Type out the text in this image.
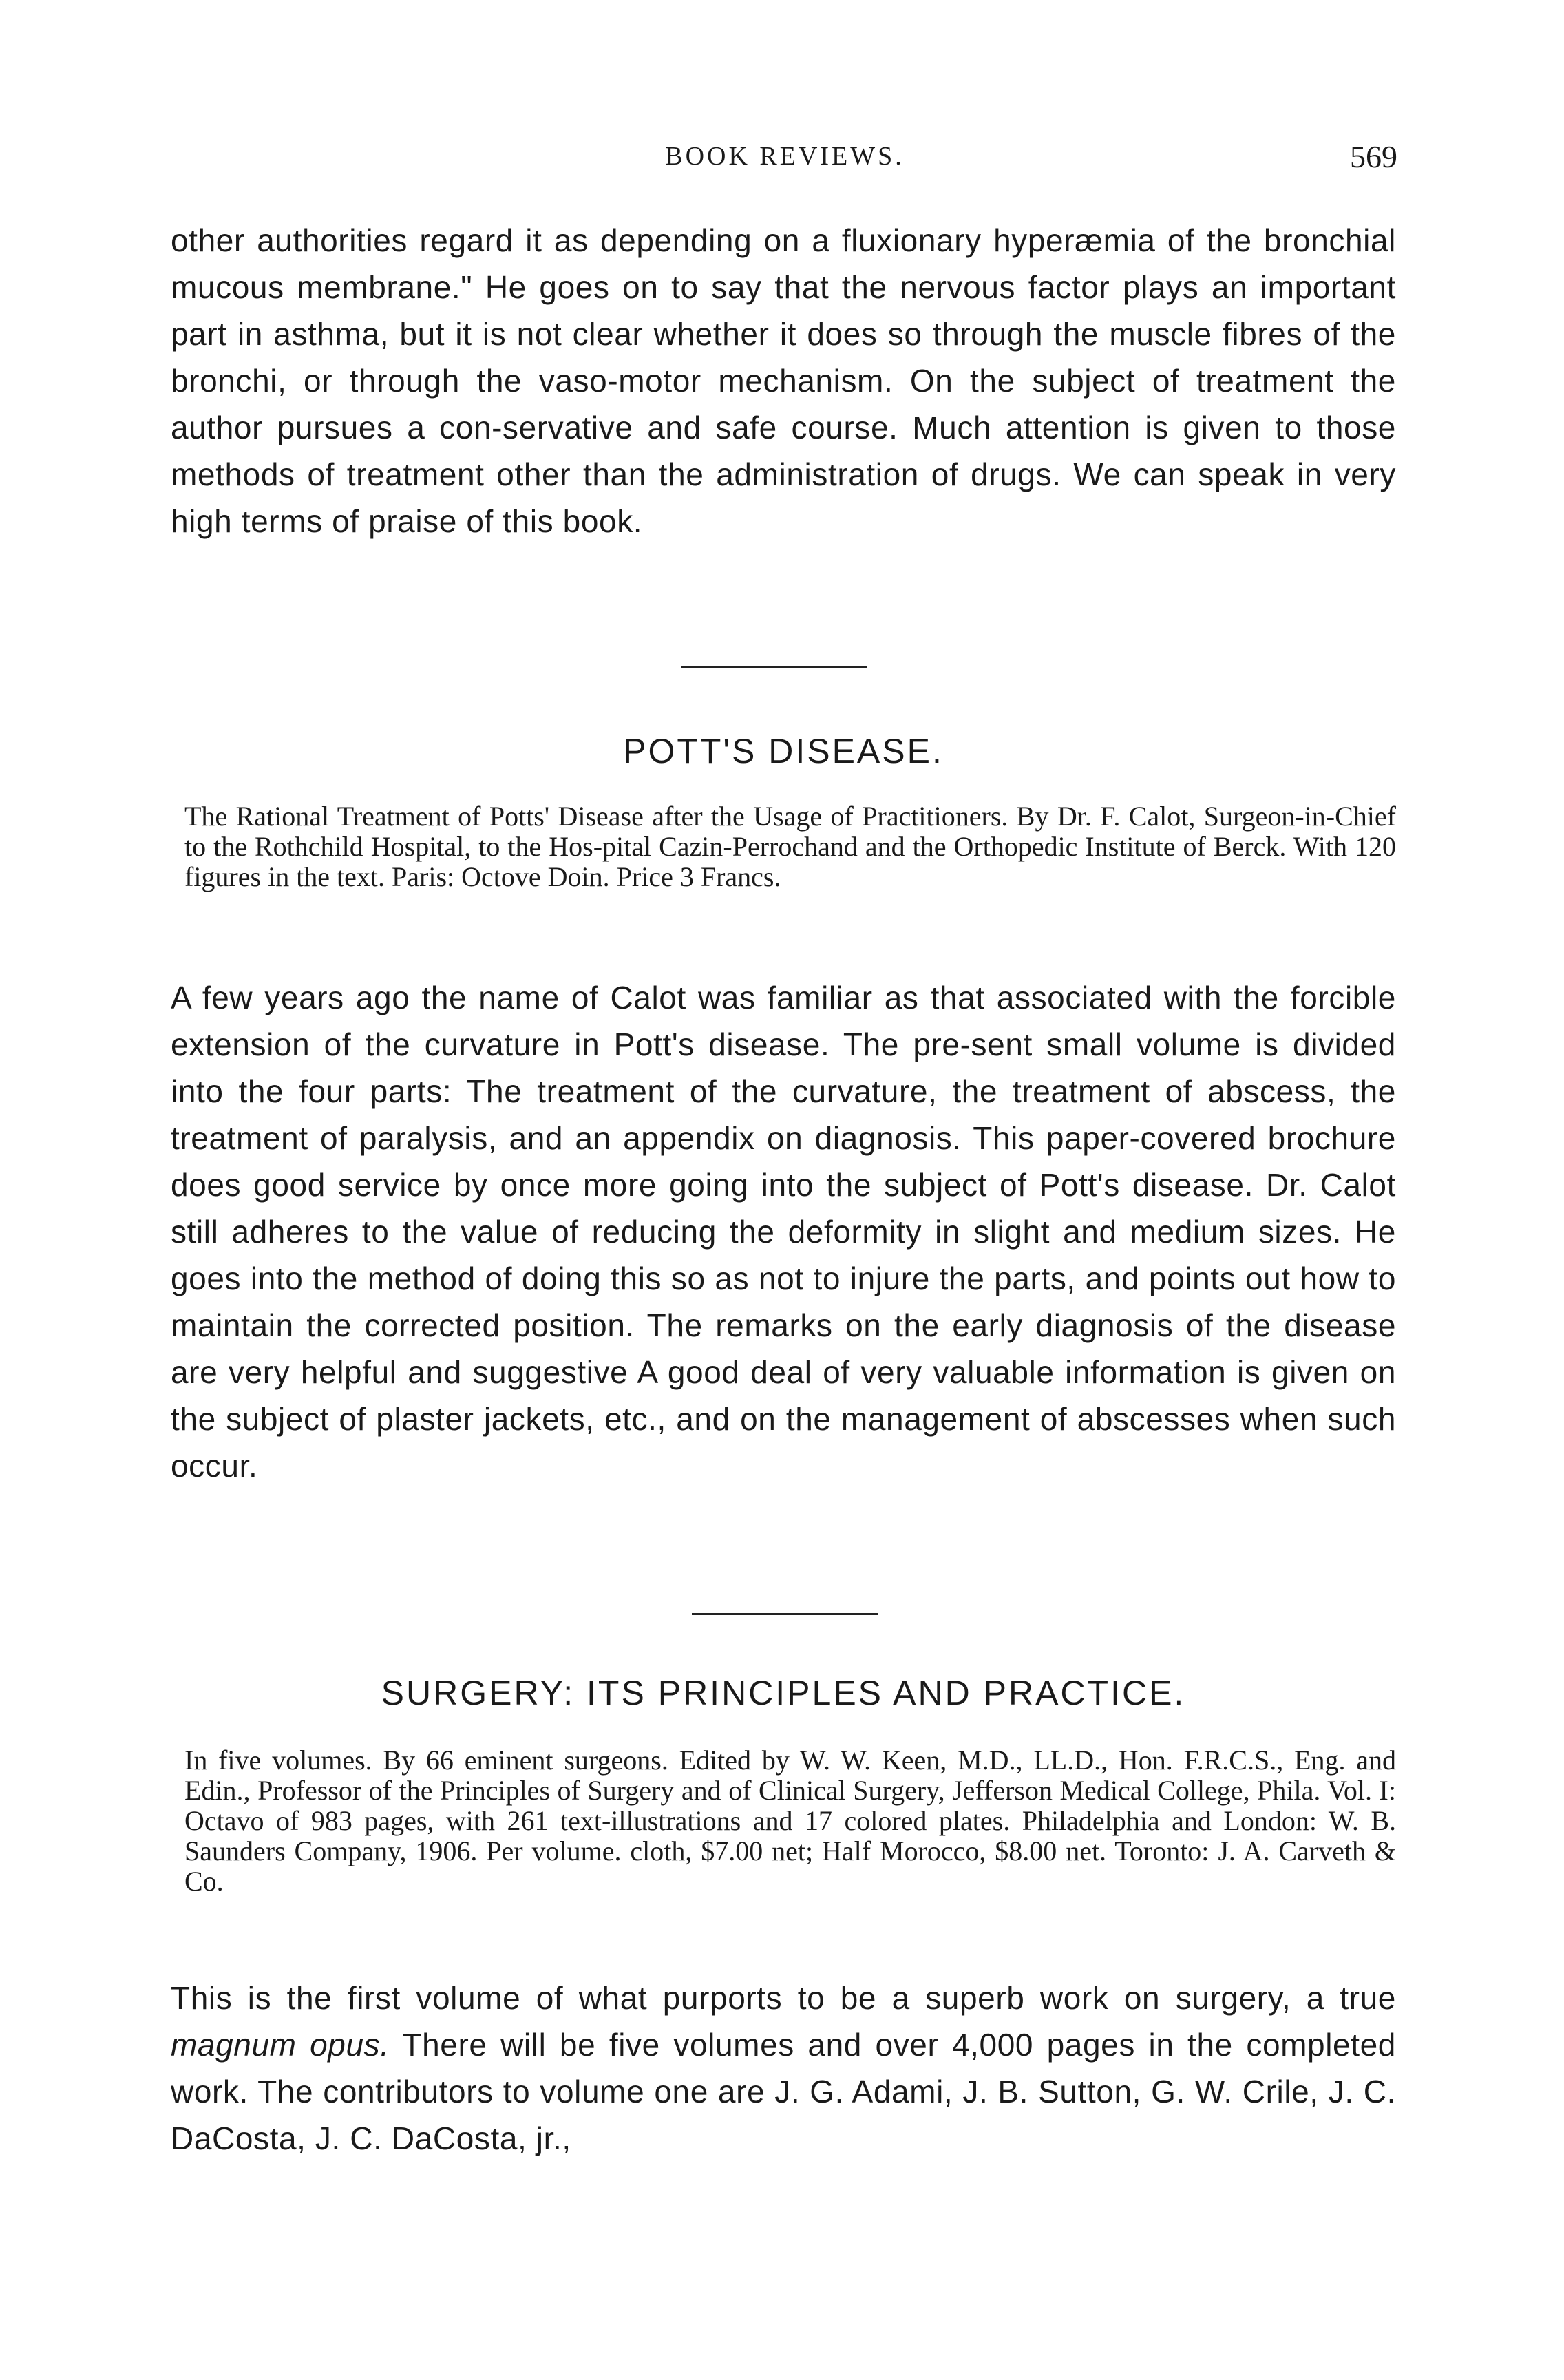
BOOK REVIEWS.	569

other authorities regard it as depending on a fluxionary hyperæmia of the bronchial mucous membrane." He goes on to say that the nervous factor plays an important part in asthma, but it is not clear whether it does so through the muscle fibres of the bronchi, or through the vaso-motor mechanism. On the subject of treatment the author pursues a con-servative and safe course. Much attention is given to those methods of treatment other than the administration of drugs. We can speak in very high terms of praise of this book.

POTT'S DISEASE.

The Rational Treatment of Potts' Disease after the Usage of Practitioners. By Dr. F. Calot, Surgeon-in-Chief to the Rothchild Hospital, to the Hos-pital Cazin-Perrochand and the Orthopedic Institute of Berck. With 120 figures in the text. Paris: Octove Doin. Price 3 Francs.

A few years ago the name of Calot was familiar as that associated with the forcible extension of the curvature in Pott's disease. The pre-sent small volume is divided into the four parts: The treatment of the curvature, the treatment of abscess, the treatment of paralysis, and an appendix on diagnosis. This paper-covered brochure does good service by once more going into the subject of Pott's disease. Dr. Calot still adheres to the value of reducing the deformity in slight and medium sizes. He goes into the method of doing this so as not to injure the parts, and points out how to maintain the corrected position. The remarks on the early diagnosis of the disease are very helpful and suggestive A good deal of very valuable information is given on the subject of plaster jackets, etc., and on the management of abscesses when such occur.

SURGERY: ITS PRINCIPLES AND PRACTICE.

In five volumes. By 66 eminent surgeons. Edited by W. W. Keen, M.D., LL.D., Hon. F.R.C.S., Eng. and Edin., Professor of the Principles of Surgery and of Clinical Surgery, Jefferson Medical College, Phila. Vol. I: Octavo of 983 pages, with 261 text-illustrations and 17 colored plates. Philadelphia and London: W. B. Saunders Company, 1906. Per volume. cloth, $7.00 net; Half Morocco, $8.00 net. Toronto: J. A. Carveth & Co.

This is the first volume of what purports to be a superb work on surgery, a true magnum opus. There will be five volumes and over 4,000 pages in the completed work. The contributors to volume one are J. G. Adami, J. B. Sutton, G. W. Crile, J. C. DaCosta, J. C. DaCosta, jr.,
